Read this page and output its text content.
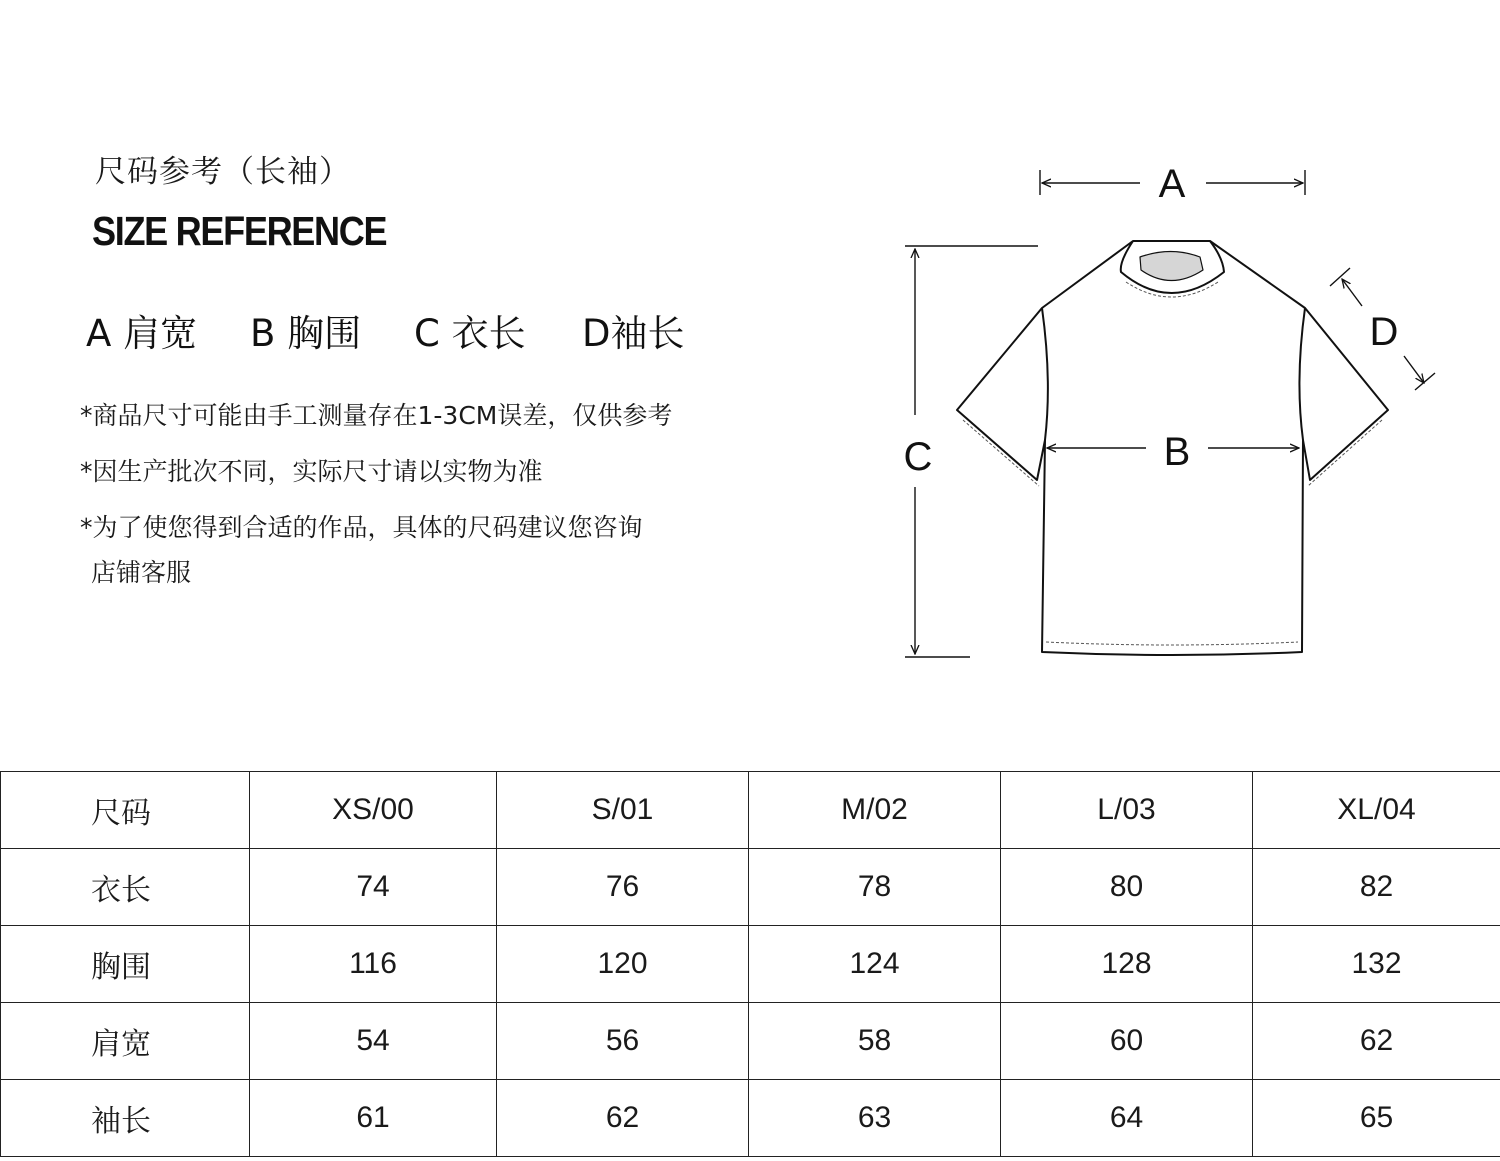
尺码参考（长袖）
SIZE REFERENCE
A 肩宽 B 胸围 C 衣长 D袖长
*商品尺寸可能由手工测量存在1-3CM误差，仅供参考
*因生产批次不同，实际尺寸请以实物为准
*为了使您得到合适的作品，具体的尺码建议您咨询
店铺客服
A
B
C
D
尺码	XS/00	S/01	M/02	L/03	XL/04
衣长	74	76	78	80	82
胸围	116	120	124	128	132
肩宽	54	56	58	60	62
袖长	61	62	63	64	65
